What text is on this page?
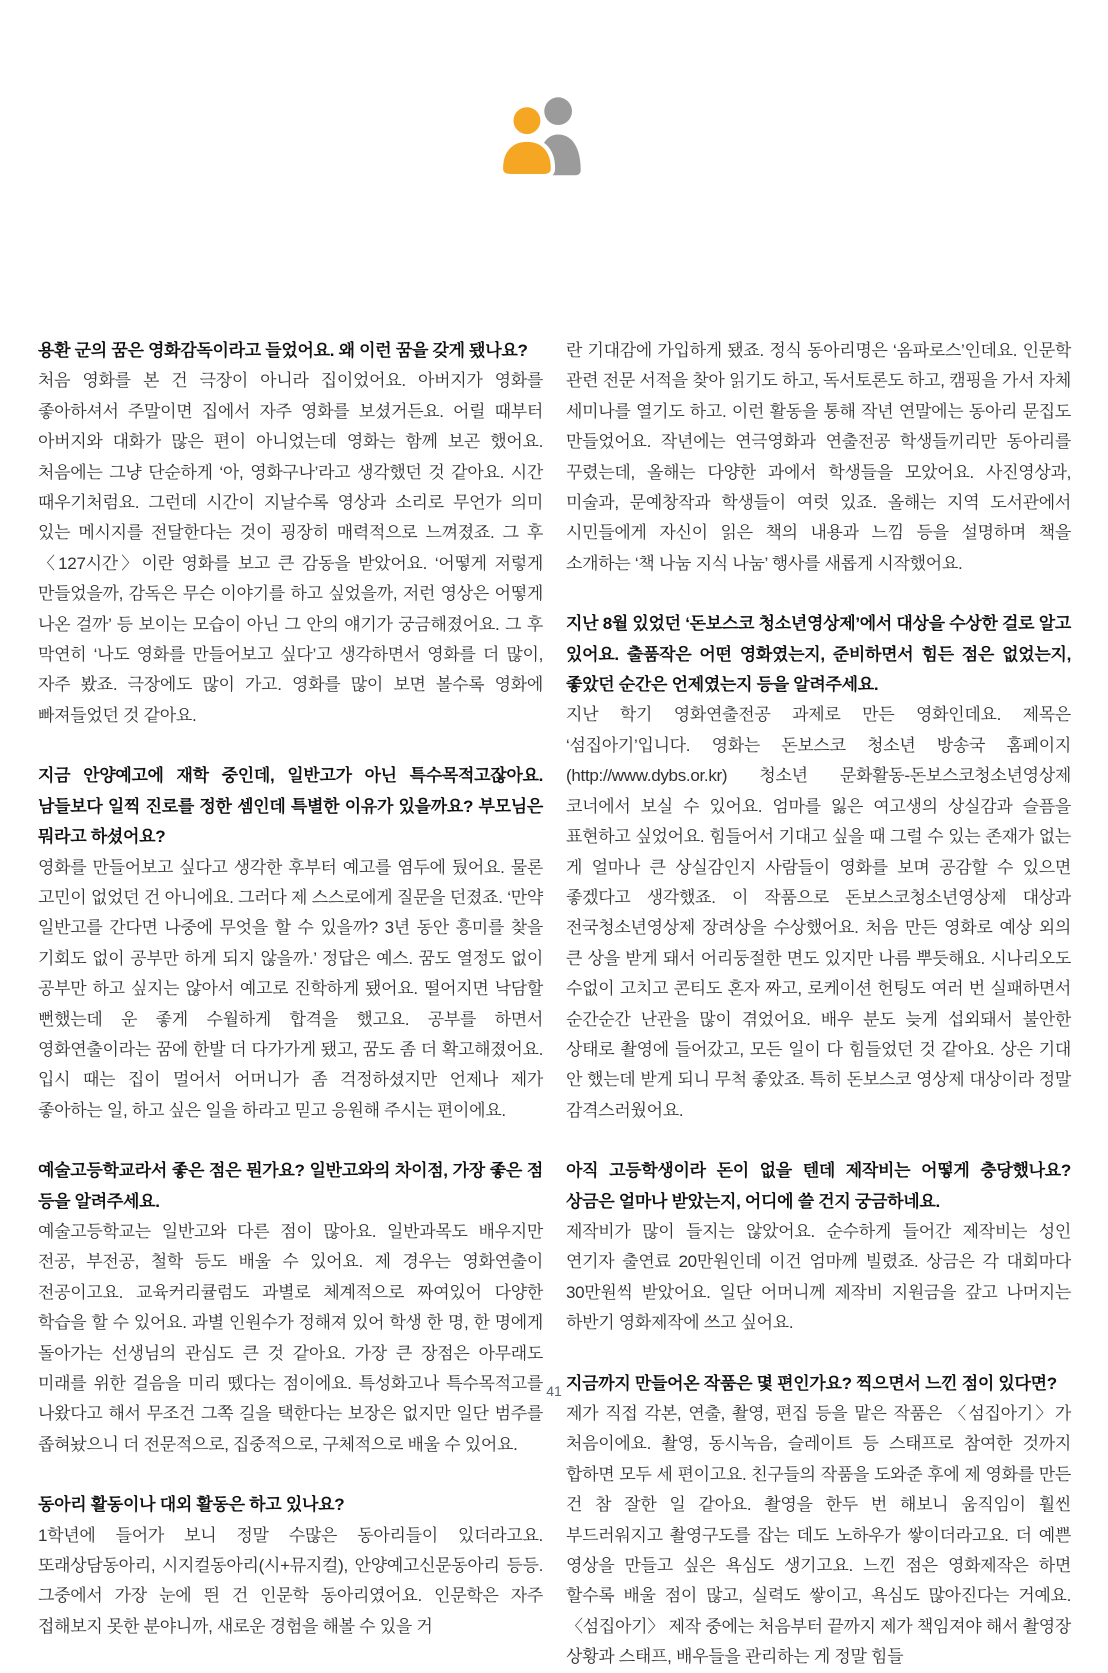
용환 군의 꿈은 영화감독이라고 들었어요. 왜 이런 꿈을 갖게 됐나요?

처음 영화를 본 건 극장이 아니라 집이었어요. 아버지가 영화를 좋아하셔서 주말이면 집에서 자주 영화를 보셨거든요. 어릴 때부터 아버지와 대화가 많은 편이 아니었는데 영화는 함께 보곤 했어요. 처음에는 그냥 단순하게 ‘아, 영화구나’라고 생각했던 것 같아요. 시간 때우기처럼요. 그런데 시간이 지날수록 영상과 소리로 무언가 의미 있는 메시지를 전달한다는 것이 굉장히 매력적으로 느껴졌죠. 그 후 〈127시간〉이란 영화를 보고 큰 감동을 받았어요. ‘어떻게 저렇게 만들었을까, 감독은 무슨 이야기를 하고 싶었을까, 저런 영상은 어떻게 나온 걸까’ 등 보이는 모습이 아닌 그 안의 얘기가 궁금해졌어요. 그 후 막연히 ‘나도 영화를 만들어보고 싶다’고 생각하면서 영화를 더 많이, 자주 봤죠. 극장에도 많이 가고. 영화를 많이 보면 볼수록 영화에 빠져들었던 것 같아요.

지금 안양예고에 재학 중인데, 일반고가 아닌 특수목적고잖아요. 남들보다 일찍 진로를 정한 셈인데 특별한 이유가 있을까요? 부모님은 뭐라고 하셨어요?

영화를 만들어보고 싶다고 생각한 후부터 예고를 염두에 뒀어요. 물론 고민이 없었던 건 아니에요. 그러다 제 스스로에게 질문을 던졌죠. ‘만약 일반고를 간다면 나중에 무엇을 할 수 있을까? 3년 동안 흥미를 찾을 기회도 없이 공부만 하게 되지 않을까.’ 정답은 예스. 꿈도 열정도 없이 공부만 하고 싶지는 않아서 예고로 진학하게 됐어요. 떨어지면 낙담할 뻔했는데 운 좋게 수월하게 합격을 했고요. 공부를 하면서 영화연출이라는 꿈에 한발 더 다가가게 됐고, 꿈도 좀 더 확고해졌어요. 입시 때는 집이 멀어서 어머니가 좀 걱정하셨지만 언제나 제가 좋아하는 일, 하고 싶은 일을 하라고 믿고 응원해 주시는 편이에요.

예술고등학교라서 좋은 점은 뭔가요? 일반고와의 차이점, 가장 좋은 점 등을 알려주세요.

예술고등학교는 일반고와 다른 점이 많아요. 일반과목도 배우지만 전공, 부전공, 철학 등도 배울 수 있어요. 제 경우는 영화연출이 전공이고요. 교육커리큘럼도 과별로 체계적으로 짜여있어 다양한 학습을 할 수 있어요. 과별 인원수가 정해져 있어 학생 한 명, 한 명에게 돌아가는 선생님의 관심도 큰 것 같아요. 가장 큰 장점은 아무래도 미래를 위한 걸음을 미리 뗐다는 점이에요. 특성화고나 특수목적고를 나왔다고 해서 무조건 그쪽 길을 택한다는 보장은 없지만 일단 범주를 좁혀놨으니 더 전문적으로, 집중적으로, 구체적으로 배울 수 있어요.

동아리 활동이나 대외 활동은 하고 있나요?

1학년에 들어가 보니 정말 수많은 동아리들이 있더라고요. 또래상담동아리, 시지컬동아리(시+뮤지컬), 안양예고신문동아리 등등. 그중에서 가장 눈에 띈 건 인문학 동아리였어요. 인문학은 자주 접해보지 못한 분야니까, 새로운 경험을 해볼 수 있을 거

란 기대감에 가입하게 됐죠. 정식 동아리명은 ‘옴파로스’인데요. 인문학 관련 전문 서적을 찾아 읽기도 하고, 독서토론도 하고, 캠핑을 가서 자체 세미나를 열기도 하고. 이런 활동을 통해 작년 연말에는 동아리 문집도 만들었어요. 작년에는 연극영화과 연출전공 학생들끼리만 동아리를 꾸렸는데, 올해는 다양한 과에서 학생들을 모았어요. 사진영상과, 미술과, 문예창작과 학생들이 여럿 있죠. 올해는 지역 도서관에서 시민들에게 자신이 읽은 책의 내용과 느낌 등을 설명하며 책을 소개하는 ‘책 나눔 지식 나눔’ 행사를 새롭게 시작했어요.

지난 8월 있었던 ‘돈보스코 청소년영상제’에서 대상을 수상한 걸로 알고 있어요. 출품작은 어떤 영화였는지, 준비하면서 힘든 점은 없었는지, 좋았던 순간은 언제였는지 등을 알려주세요.

지난 학기 영화연출전공 과제로 만든 영화인데요. 제목은 ‘섬집아기’입니다. 영화는 돈보스코 청소년 방송국 홈페이지(http://www.dybs.or.kr) 청소년 문화활동-돈보스코청소년영상제 코너에서 보실 수 있어요. 엄마를 잃은 여고생의 상실감과 슬픔을 표현하고 싶었어요. 힘들어서 기대고 싶을 때 그럴 수 있는 존재가 없는 게 얼마나 큰 상실감인지 사람들이 영화를 보며 공감할 수 있으면 좋겠다고 생각했죠. 이 작품으로 돈보스코청소년영상제 대상과 전국청소년영상제 장려상을 수상했어요. 처음 만든 영화로 예상 외의 큰 상을 받게 돼서 어리둥절한 면도 있지만 나름 뿌듯해요. 시나리오도 수없이 고치고 콘티도 혼자 짜고, 로케이션 헌팅도 여러 번 실패하면서 순간순간 난관을 많이 겪었어요. 배우 분도 늦게 섭외돼서 불안한 상태로 촬영에 들어갔고, 모든 일이 다 힘들었던 것 같아요. 상은 기대 안 했는데 받게 되니 무척 좋았죠. 특히 돈보스코 영상제 대상이라 정말 감격스러웠어요.

아직 고등학생이라 돈이 없을 텐데 제작비는 어떻게 충당했나요? 상금은 얼마나 받았는지, 어디에 쓸 건지 궁금하네요.

제작비가 많이 들지는 않았어요. 순수하게 들어간 제작비는 성인 연기자 출연료 20만원인데 이건 엄마께 빌렸죠. 상금은 각 대회마다 30만원씩 받았어요. 일단 어머니께 제작비 지원금을 갚고 나머지는 하반기 영화제작에 쓰고 싶어요.

지금까지 만들어온 작품은 몇 편인가요? 찍으면서 느낀 점이 있다면?

제가 직접 각본, 연출, 촬영, 편집 등을 맡은 작품은 〈섬집아기〉가 처음이에요. 촬영, 동시녹음, 슬레이트 등 스태프로 참여한 것까지 합하면 모두 세 편이고요. 친구들의 작품을 도와준 후에 제 영화를 만든 건 참 잘한 일 같아요. 촬영을 한두 번 해보니 움직임이 훨씬 부드러워지고 촬영구도를 잡는 데도 노하우가 쌓이더라고요. 더 예쁜 영상을 만들고 싶은 욕심도 생기고요. 느낀 점은 영화제작은 하면 할수록 배울 점이 많고, 실력도 쌓이고, 욕심도 많아진다는 거예요. 〈섬집아기〉 제작 중에는 처음부터 끝까지 제가 책임져야 해서 촬영장 상황과 스태프, 배우들을 관리하는 게 정말 힘들

41
